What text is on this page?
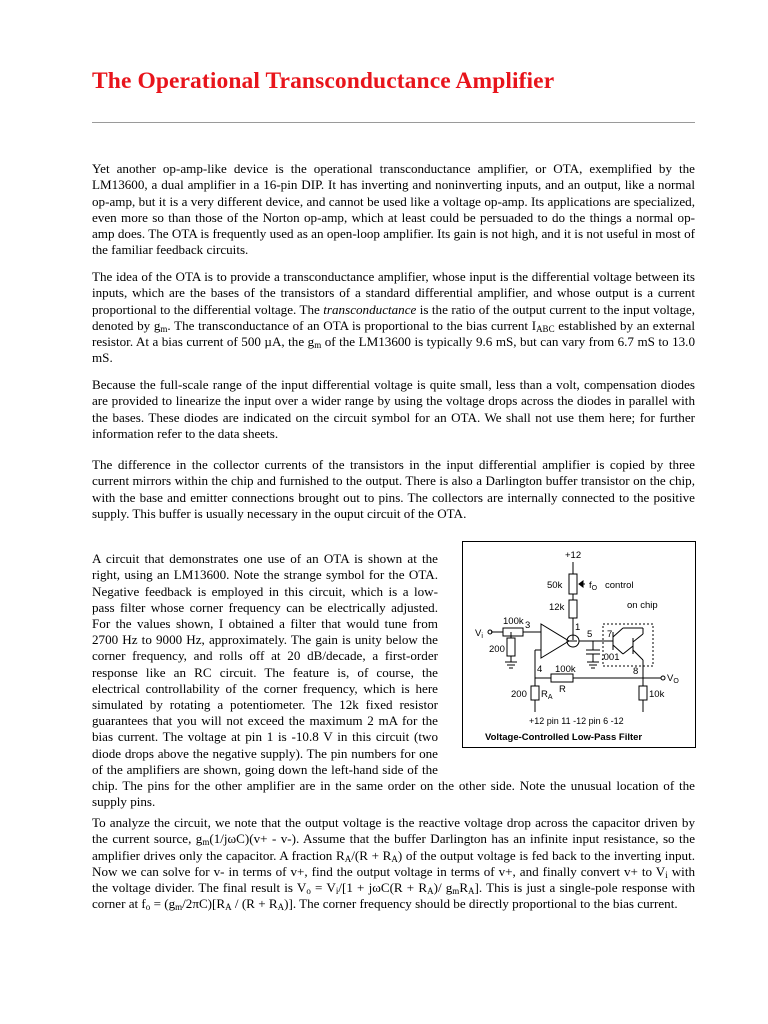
The Operational Transconductance Amplifier

Yet another op-amp-like device is the operational transconductance amplifier, or OTA, exemplified by the LM13600, a dual amplifier in a 16-pin DIP. It has inverting and noninverting inputs, and an output, like a normal op-amp, but it is a very different device, and cannot be used like a voltage op-amp. Its applications are specialized, even more so than those of the Norton op-amp, which at least could be persuaded to do the things a normal op-amp does. The OTA is frequently used as an open-loop amplifier. Its gain is not high, and it is not useful in most of the familiar feedback circuits.

The idea of the OTA is to provide a transconductance amplifier, whose input is the differential voltage between its inputs, which are the bases of the transistors of a standard differential amplifier, and whose output is a current proportional to the differential voltage. The transconductance is the ratio of the output current to the input voltage, denoted by $g_m$. The transconductance of an OTA is proportional to the bias current $I_{ABC}$ established by an external resistor. At a bias current of 500 µA, the $g_m$ of the LM13600 is typically 9.6 mS, but can vary from 6.7 mS to 13.0 mS.

Because the full-scale range of the input differential voltage is quite small, less than a volt, compensation diodes are provided to linearize the input over a wider range by using the voltage drops across the diodes in parallel with the bases. These diodes are indicated on the circuit symbol for an OTA. We shall not use them here; for further information refer to the data sheets.

The difference in the collector currents of the transistors in the input differential amplifier is copied by three current mirrors within the chip and furnished to the output. There is also a Darlington buffer transistor on the chip, with the base and emitter connections brought out to pins. The collectors are internally connected to the positive supply. This buffer is usually necessary in the ouput circuit of the OTA.

A circuit that demonstrates one use of an OTA is shown at the right, using an LM13600. Note the strange symbol for the OTA. Negative feedback is employed in this circuit, which is a low-pass filter whose corner frequency can be electrically adjusted. For the values shown, I obtained a filter that would tune from 2700 Hz to 9000 Hz, approximately. The gain is unity below the corner frequency, and rolls off at 20 dB/decade, a first-order response like an RC circuit. The feature is, of course, the electrical controllability of the corner frequency, which is here simulated by rotating a potentiometer. The 12k fixed resistor guarantees that you will not exceed the maximum 2 mA for the bias current. The voltage at pin 1 is -10.8 V in this circuit (two diode drops above the negative supply). The pin numbers for one of the amplifiers are shown, going down the left-hand side of the chip. The pins for the other amplifier are in the same order on the other side. Note the unusual location of the supply pins.

+12
50k	$f_O$ control
on chip
12k
$V_i$
100k 3	1
5 7
200
.001
4 100k	8
$V_O$
200 $R_A$
R	10k
+12 pin 11 -12 pin 6 -12
Voltage-Controlled Low-Pass Filter

To analyze the circuit, we note that the output voltage is the reactive voltage drop across the capacitor driven by the current source, $g_m(1/j\omega C)(v+ - v-)$. Assume that the buffer Darlington has an infinite input resistance, so the amplifier drives only the capacitor. A fraction $R_A/(R + R_A)$ of the output voltage is fed back to the inverting input. Now we can solve for v- in terms of v+, find the output voltage in terms of v+, and finally convert v+ to $V_i$ with the voltage divider. The final result is $V_o = V_i/[1 + j\omega C(R + R_A)/$ $g_mR_A$]. This is just a single-pole response with corner at $f_o = (g_m/2\pi C)[R_A / (R + R_A)]$. The corner frequency should be directly proportional to the bias current.
